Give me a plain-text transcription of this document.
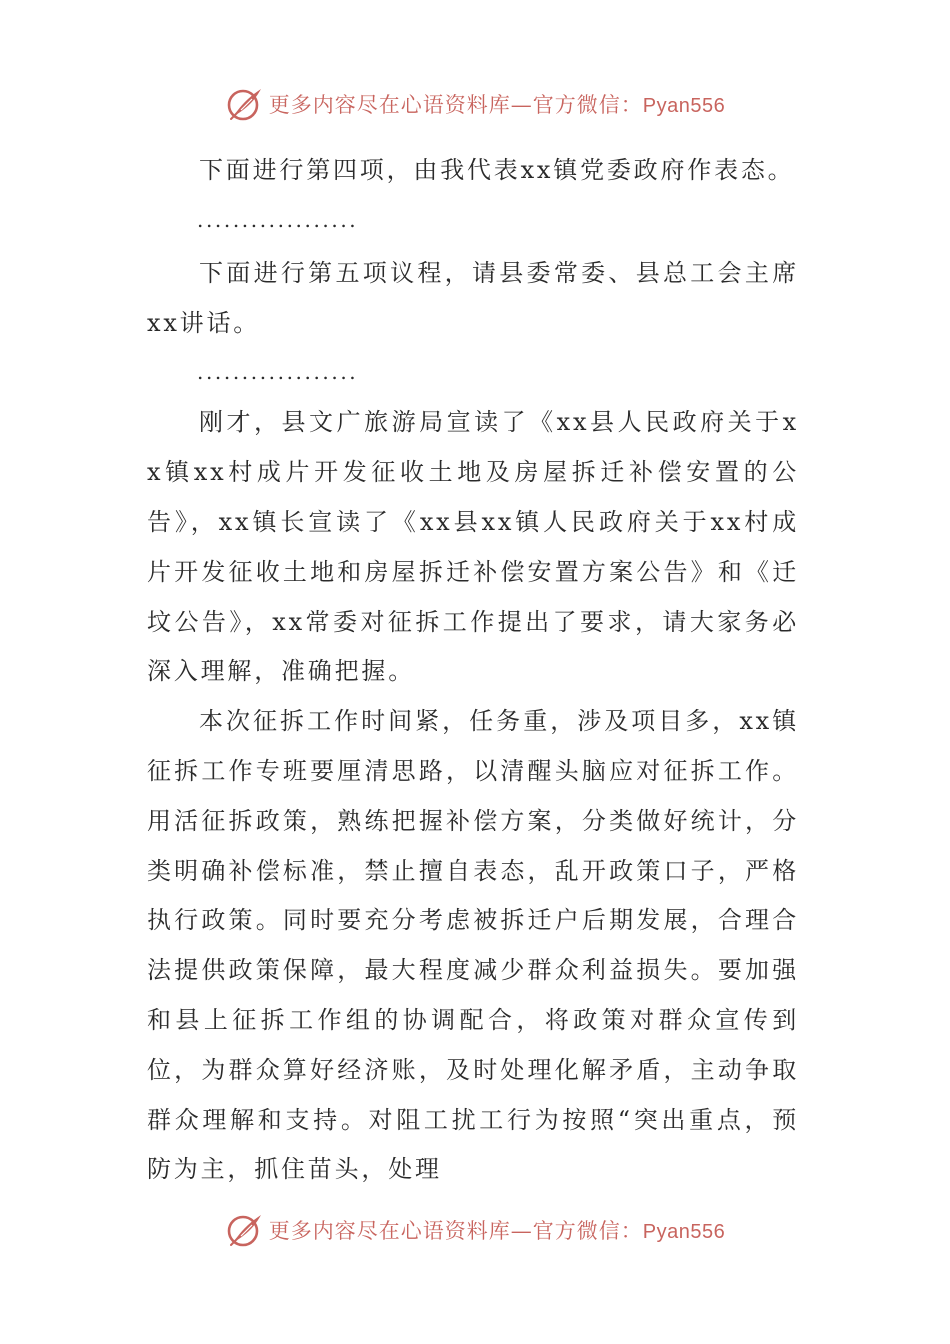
更多内容尽在心语资料库—官方微信：Pyan556

下面进行第四项，由我代表xx镇党委政府作表态。

..................

下面进行第五项议程，请县委常委、县总工会主席xx讲话。

..................

刚才，县文广旅游局宣读了《xx县人民政府关于xx镇xx村成片开发征收土地及房屋拆迁补偿安置的公告》，xx镇长宣读了《xx县xx镇人民政府关于xx村成片开发征收土地和房屋拆迁补偿安置方案公告》和《迁坟公告》，xx常委对征拆工作提出了要求，请大家务必深入理解，准确把握。

本次征拆工作时间紧，任务重，涉及项目多，xx镇征拆工作专班要厘清思路，以清醒头脑应对征拆工作。用活征拆政策，熟练把握补偿方案，分类做好统计，分类明确补偿标准，禁止擅自表态，乱开政策口子，严格执行政策。同时要充分考虑被拆迁户后期发展，合理合法提供政策保障，最大程度减少群众利益损失。要加强和县上征拆工作组的协调配合，将政策对群众宣传到位，为群众算好经济账，及时处理化解矛盾，主动争取群众理解和支持。对阻工扰工行为按照“突出重点，预防为主，抓住苗头，处理

更多内容尽在心语资料库—官方微信：Pyan556
